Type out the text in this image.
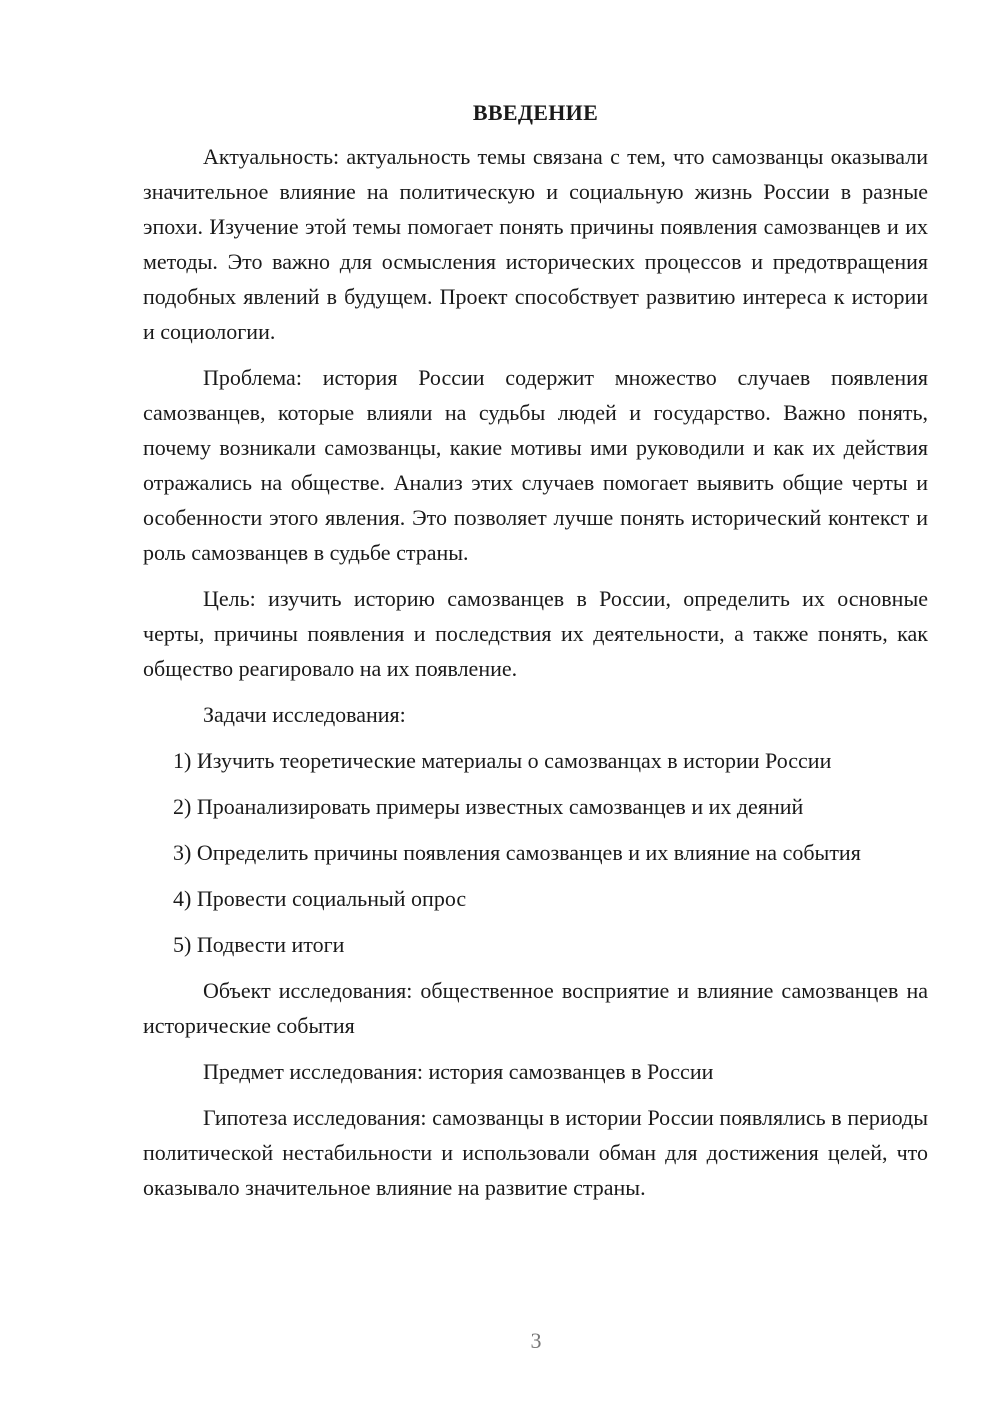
ВВЕДЕНИЕ

Актуальность: актуальность темы связана с тем, что самозванцы оказывали значительное влияние на политическую и социальную жизнь России в разные эпохи. Изучение этой темы помогает понять причины появления самозванцев и их методы. Это важно для осмысления исторических процессов и предотвращения подобных явлений в будущем. Проект способствует развитию интереса к истории и социологии.

Проблема: история России содержит множество случаев появления самозванцев, которые влияли на судьбы людей и государство. Важно понять, почему возникали самозванцы, какие мотивы ими руководили и как их действия отражались на обществе. Анализ этих случаев помогает выявить общие черты и особенности этого явления. Это позволяет лучше понять исторический контекст и роль самозванцев в судьбе страны.

Цель: изучить историю самозванцев в России, определить их основные черты, причины появления и последствия их деятельности, а также понять, как общество реагировало на их появление.

Задачи исследования:

1) Изучить теоретические материалы о самозванцах в истории России

2) Проанализировать примеры известных самозванцев и их деяний

3) Определить причины появления самозванцев и их влияние на события

4) Провести социальный опрос

5) Подвести итоги

Объект исследования: общественное восприятие и влияние самозванцев на исторические события

Предмет исследования: история самозванцев в России

Гипотеза исследования: самозванцы в истории России появлялись в периоды политической нестабильности и использовали обман для достижения целей, что оказывало значительное влияние на развитие страны.

3
